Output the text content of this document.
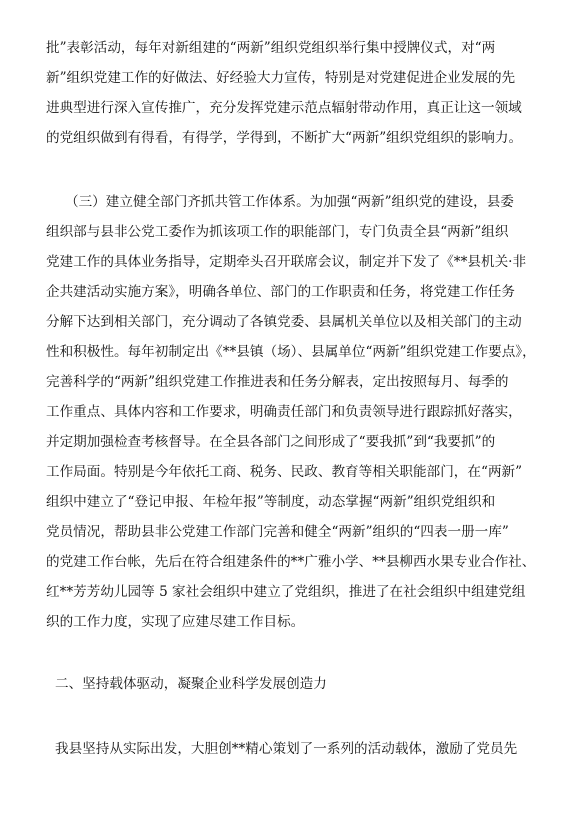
批”表彰活动，每年对新组建的“两新”组织党组织举行集中授牌仪式，对“两
新”组织党建工作的好做法、好经验大力宣传，特别是对党建促进企业发展的先
进典型进行深入宣传推广，充分发挥党建示范点辐射带动作用，真正让这一领域
的党组织做到有得看，有得学，学得到，不断扩大“两新”组织党组织的影响力。
（三）建立健全部门齐抓共管工作体系。为加强“两新”组织党的建设，县委
组织部与县非公党工委作为抓该项工作的职能部门，专门负责全县“两新”组织
党建工作的具体业务指导，定期牵头召开联席会议，制定并下发了《**县机关·非
企共建活动实施方案》，明确各单位、部门的工作职责和任务，将党建工作任务
分解下达到相关部门，充分调动了各镇党委、县属机关单位以及相关部门的主动
性和积极性。每年初制定出《**县镇（场）、县属单位“两新”组织党建工作要点》，
完善科学的“两新”组织党建工作推进表和任务分解表，定出按照每月、每季的
工作重点、具体内容和工作要求，明确责任部门和负责领导进行跟踪抓好落实，
并定期加强检查考核督导。在全县各部门之间形成了“要我抓”到“我要抓”的
工作局面。特别是今年依托工商、税务、民政、教育等相关职能部门，在“两新”
组织中建立了“登记申报、年检年报”等制度，动态掌握“两新”组织党组织和
党员情况，帮助县非公党建工作部门完善和健全“两新”组织的“四表一册一库”
的党建工作台帐，先后在符合组建条件的**广雅小学、**县柳西水果专业合作社、
红**芳芳幼儿园等 5 家社会组织中建立了党组织，推进了在社会组织中组建党组
织的工作力度，实现了应建尽建工作目标。
二、坚持载体驱动，凝聚企业科学发展创造力
我县坚持从实际出发，大胆创**精心策划了一系列的活动载体，激励了党员先
